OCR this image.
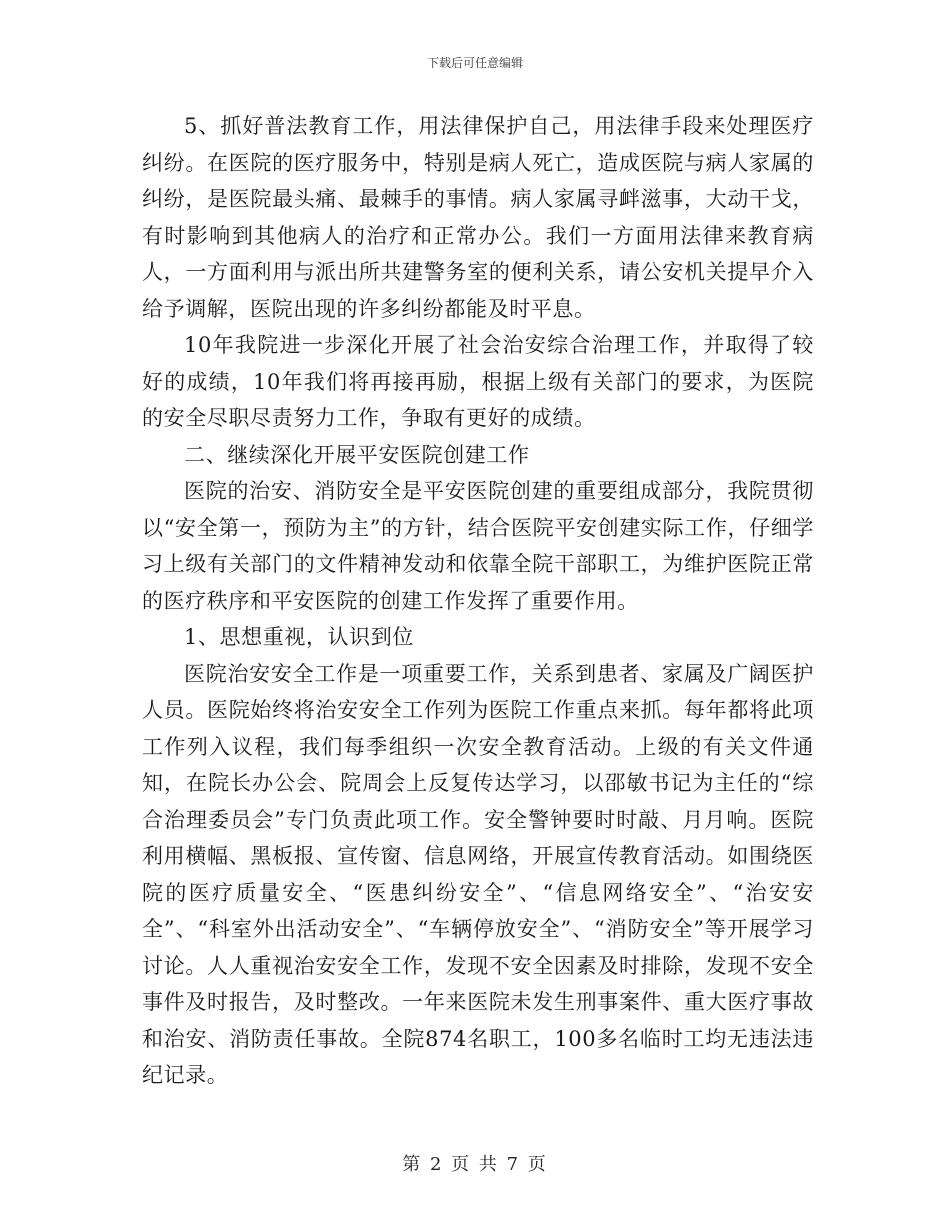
下载后可任意编辑

5、抓好普法教育工作，用法律保护自己，用法律手段来处理医疗纠纷。在医院的医疗服务中，特别是病人死亡，造成医院与病人家属的纠纷，是医院最头痛、最棘手的事情。病人家属寻衅滋事，大动干戈，有时影响到其他病人的治疗和正常办公。我们一方面用法律来教育病人，一方面利用与派出所共建警务室的便利关系，请公安机关提早介入给予调解，医院出现的许多纠纷都能及时平息。

10年我院进一步深化开展了社会治安综合治理工作，并取得了较好的成绩，10年我们将再接再励，根据上级有关部门的要求，为医院的安全尽职尽责努力工作，争取有更好的成绩。

二、继续深化开展平安医院创建工作

医院的治安、消防安全是平安医院创建的重要组成部分，我院贯彻以“安全第一，预防为主”的方针，结合医院平安创建实际工作，仔细学习上级有关部门的文件精神发动和依靠全院干部职工，为维护医院正常的医疗秩序和平安医院的创建工作发挥了重要作用。

1、思想重视，认识到位

医院治安安全工作是一项重要工作，关系到患者、家属及广阔医护人员。医院始终将治安安全工作列为医院工作重点来抓。每年都将此项工作列入议程，我们每季组织一次安全教育活动。上级的有关文件通知，在院长办公会、院周会上反复传达学习，以邵敏书记为主任的“综合治理委员会”专门负责此项工作。安全警钟要时时敲、月月响。医院利用横幅、黑板报、宣传窗、信息网络，开展宣传教育活动。如围绕医院的医疗质量安全、“医患纠纷安全”、“信息网络安全”、“治安安全”、“科室外出活动安全”、“车辆停放安全”、“消防安全”等开展学习讨论。人人重视治安安全工作，发现不安全因素及时排除，发现不安全事件及时报告，及时整改。一年来医院未发生刑事案件、重大医疗事故和治安、消防责任事故。全院874名职工，100多名临时工均无违法违纪记录。

第 2 页 共 7 页
